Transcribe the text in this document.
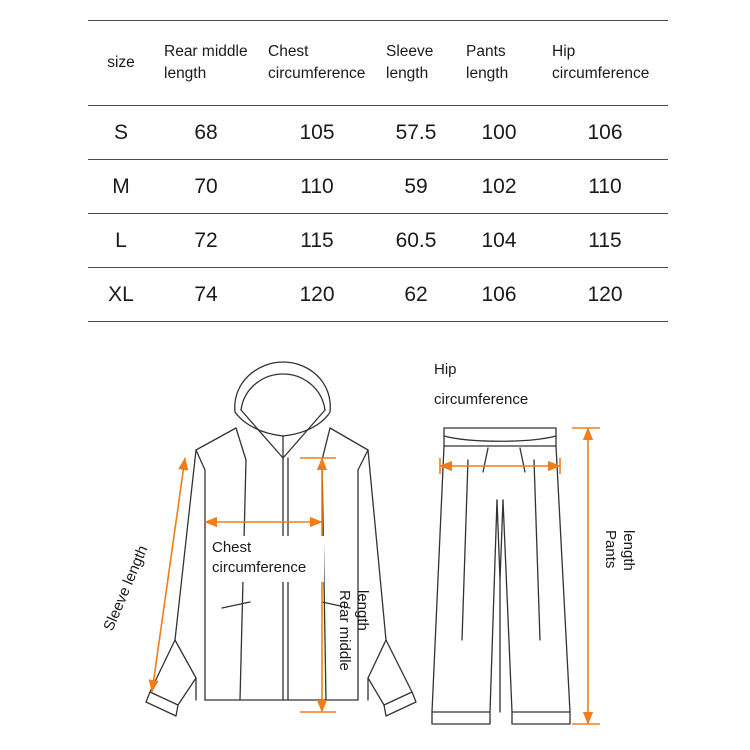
size	Rear middle length	Chest circumference	Sleeve length	Pants length	Hip circumference

S	68	105	57.5	100	106
M	70	110	59	102	110
L	72	115	60.5	104	115
XL	74	120	62	106	120
Sleeve length	Chest
circumference
Rear middle length
Hip
circumference
Pants length
